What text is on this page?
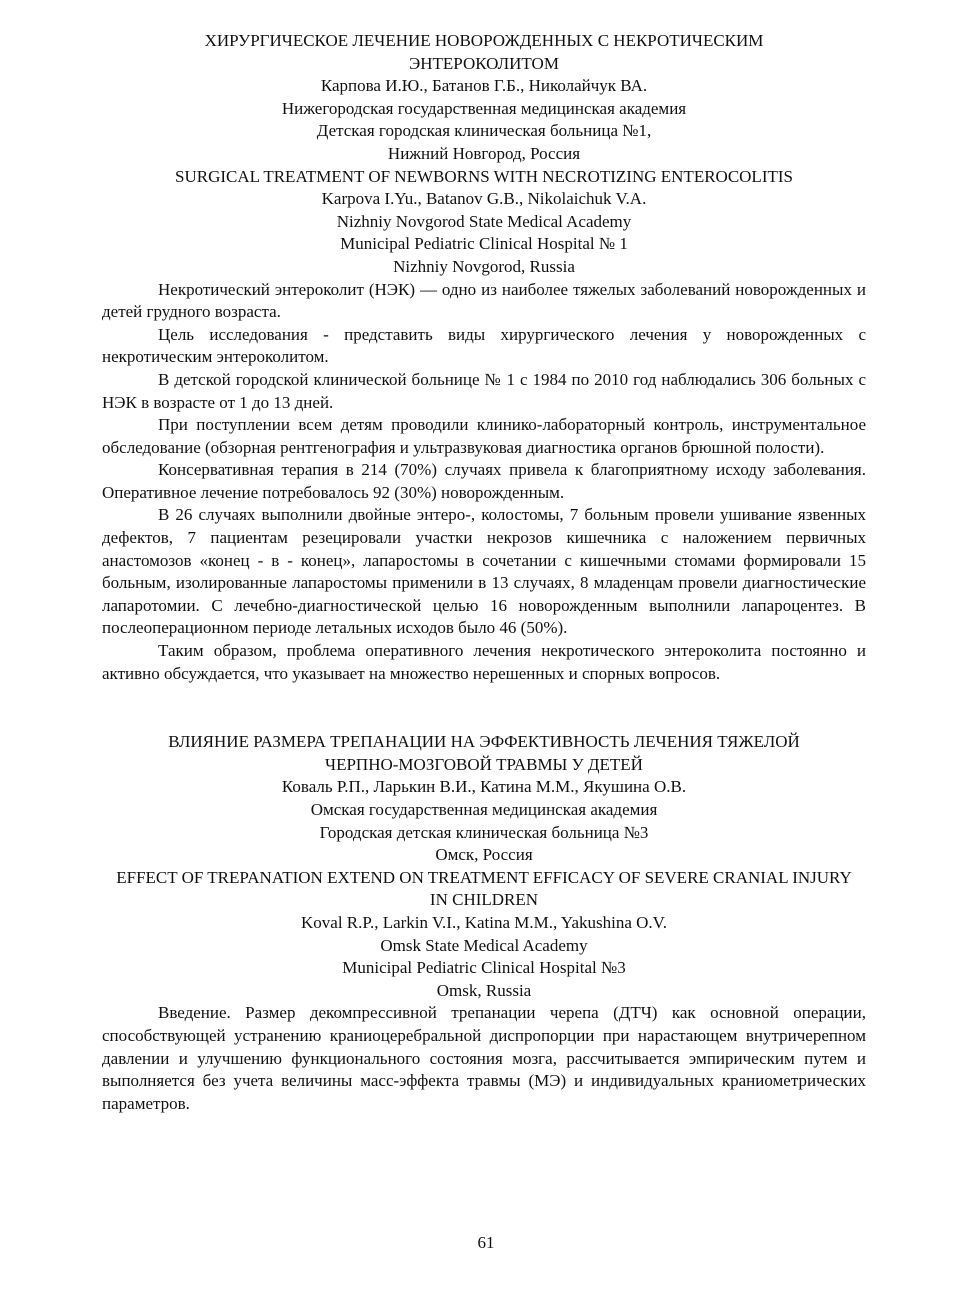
ХИРУРГИЧЕСКОЕ ЛЕЧЕНИЕ НОВОРОЖДЕННЫХ С НЕКРОТИЧЕСКИМ ЭНТЕРОКОЛИТОМ

Карпова И.Ю., Батанов Г.Б., Николайчук ВА.

Нижегородская государственная медицинская академия

Детская городская клиническая больница №1,

Нижний Новгород, Россия

SURGICAL TREATMENT OF NEWBORNS WITH NECROTIZING ENTEROCOLITIS

Karpova I.Yu., Batanov G.B., Nikolaichuk V.A.

Nizhniy Novgorod State Medical Academy

Municipal Pediatric Clinical Hospital № 1

Nizhniy Novgorod, Russia

Некротический энтероколит (НЭК) — одно из наиболее тяжелых заболеваний новорожденных и детей грудного возраста.

Цель исследования - представить виды хирургического лечения у новорожденных с некротическим энтероколитом.

В детской городской клинической больнице № 1 с 1984 по 2010 год наблюдались 306 больных с НЭК в возрасте от 1 до 13 дней.

При поступлении всем детям проводили клинико-лабораторный контроль, инструментальное обследование (обзорная рентгенография и ультразвуковая диагностика органов брюшной полости).

Консервативная терапия в 214 (70%) случаях привела к благоприятному исходу заболевания. Оперативное лечение потребовалось 92 (30%) новорожденным.

В 26 случаях выполнили двойные энтеро-, колостомы, 7 больным провели ушивание язвенных дефектов, 7 пациентам резецировали участки некрозов кишечника с наложением первичных анастомозов «конец - в - конец», лапаростомы в сочетании с кишечными стомами формировали 15 больным, изолированные лапаростомы применили в 13 случаях, 8 младенцам провели диагностические лапаротомии. С лечебно-диагностической целью 16 новорожденным выполнили лапароцентез. В послеоперационном периоде летальных исходов было 46 (50%).

Таким образом, проблема оперативного лечения некротического энтероколита постоянно и активно обсуждается, что указывает на множество нерешенных и спорных вопросов.

ВЛИЯНИЕ РАЗМЕРА ТРЕПАНАЦИИ НА ЭФФЕКТИВНОСТЬ ЛЕЧЕНИЯ ТЯЖЕЛОЙ ЧЕРПНО-МОЗГОВОЙ ТРАВМЫ У ДЕТЕЙ

Коваль Р.П., Ларькин В.И., Катина М.М., Якушина О.В.

Омская государственная медицинская академия

Городская детская клиническая больница №3

Омск, Россия

EFFECT OF TREPANATION EXTEND ON TREATMENT EFFICACY OF SEVERE CRANIAL INJURY IN CHILDREN

Koval R.P., Larkin V.I., Katina M.M., Yakushina O.V.

Omsk State Medical Academy

Municipal Pediatric Clinical Hospital №3

Omsk, Russia

Введение. Размер декомпрессивной трепанации черепа (ДТЧ) как основной операции, способствующей устранению краниоцеребральной диспропорции при нарастающем внутричерепном давлении и улучшению функционального состояния мозга, рассчитывается эмпирическим путем и выполняется без учета величины масс-эффекта травмы (МЭ) и индивидуальных краниометрических параметров.

61
